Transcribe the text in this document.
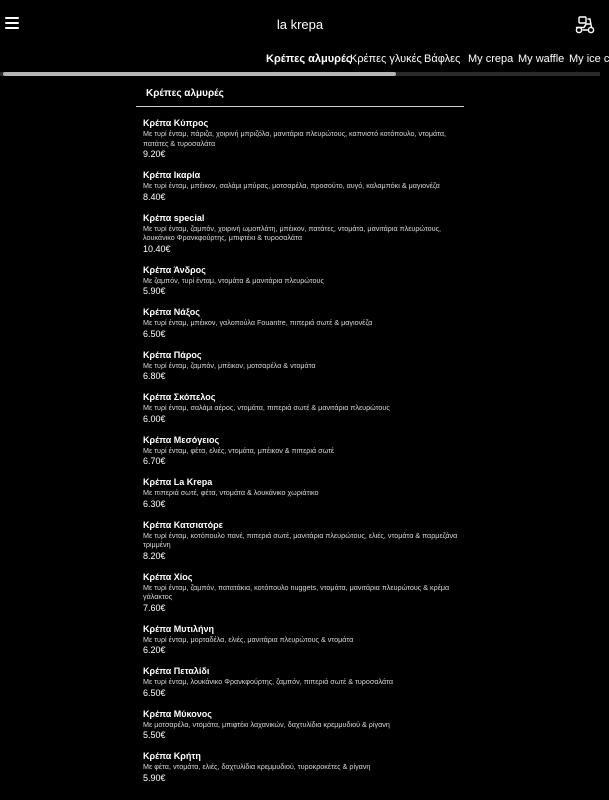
la krepa
Κρέπες αλμυρές
Κρέπες γλυκές Βάφλες My crepa My waffle My ice c
Κρέπες αλμυρές
Κρέπα Κύπρος
Με τυρί ένταμ, πάριζα, χοιρινή μπριζόλα, μανιτάρια πλευρώτους, καπνιστό κοτόπουλο, ντομάτα, πατάτες & τυροσαλάτα
9.20€
Κρέπα Ικαρία
Με τυρί ένταμ, μπέικον, σαλάμι μπύρας, μοτσαρέλα, προσούτο, αυγό, καλαμπόκι & μαγιονέζα
8.40€
Κρέπα special
Με τυρί ένταμ, ζαμπόν, χοιρινή ωμοπλάτη, μπέικον, πατάτες, ντομάτα, μανιτάρια πλευρώτους, λουκάνικο Φρανκφούρτης, μπιφτέκι & τυροσαλάτα
10.40€
Κρέπα Άνδρος
Με ζαμπόν, τυρί ένταμ, ντομάτα & μανιτάρια πλευρώτους
5.90€
Κρέπα Νάξος
Με τυρί ένταμ, μπέικον, γαλοπούλα Fouantre, πιπεριά σωτέ & μαγιονέζα
6.50€
Κρέπα Πάρος
Με τυρί ένταμ, ζαμπόν, μπέικον, μοτσαρέλα & ντομάτα
6.80€
Κρέπα Σκόπελος
Με τυρί ένταμ, σαλάμι αέρος, ντομάτα, πιπεριά σωτέ & μανιτάρια πλευρώτους
6.00€
Κρέπα Μεσόγειος
Με τυρί ένταμ, φέτα, ελιές, ντομάτα, μπέικον & πιπεριά σωτέ
6.70€
Κρέπα La Krepa
Με πιπεριά σωτέ, φέτα, ντομάτα & λουκάνικο χωριάτικο
6.30€
Κρέπα Κατσιατόρε
Με τυρί ένταμ, κοτόπουλο πανέ, πιπεριά σωτέ, μανιτάρια πλευρώτους, ελιές, ντομάτα & παρμεζάνα τριμμένη
8.20€
Κρέπα Χίος
Με τυρί ένταμ, ζαμπόν, πατατάκια, κοτόπουλο nuggets, ντομάτα, μανιτάρια πλευρώτους & κρέμα γάλακτος
7.60€
Κρέπα Μυτιλήνη
Με τυρί ένταμ, μορταδέλα, ελιές, μανιτάρια πλευρώτους & ντομάτα
6.20€
Κρέπα Πεταλίδι
Με τυρί ένταμ, λουκάνικο Φρανκφούρτης, ζαμπόν, πιπεριά σωτέ & τυροσαλάτα
6.50€
Κρέπα Μύκονος
Με μοτσαρέλα, ντομάτα, μπιφτέκι λαχανικών, δαχτυλίδια κρεμμυδιού & ρίγανη
5.50€
Κρέπα Κρήτη
Με φέτα, ντομάτα, ελιές, δαχτυλίδια κρεμμυδιού, τυροκροκέτες & ρίγανη
5.90€
